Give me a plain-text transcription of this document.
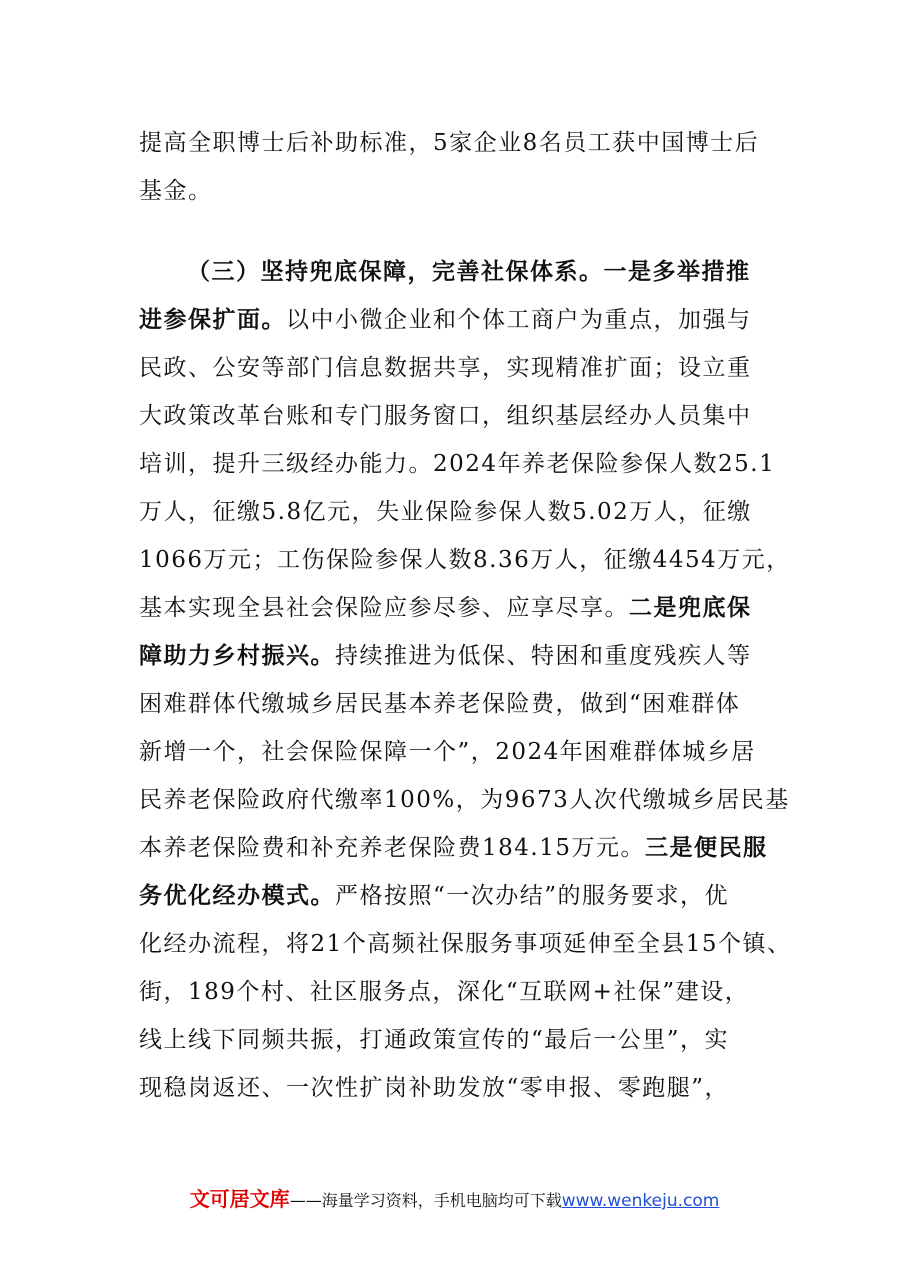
提高全职博士后补助标准，5家企业8名员工获中国博士后
基金。
（三）坚持兜底保障，完善社保体系。一是多举措推
进参保扩面。以中小微企业和个体工商户为重点，加强与
民政、公安等部门信息数据共享，实现精准扩面；设立重
大政策改革台账和专门服务窗口，组织基层经办人员集中
培训，提升三级经办能力。2024年养老保险参保人数25.1
万人，征缴5.8亿元，失业保险参保人数5.02万人，征缴
1066万元；工伤保险参保人数8.36万人，征缴4454万元，
基本实现全县社会保险应参尽参、应享尽享。二是兜底保
障助力乡村振兴。持续推进为低保、特困和重度残疾人等
困难群体代缴城乡居民基本养老保险费，做到“困难群体
新增一个，社会保险保障一个”，2024年困难群体城乡居
民养老保险政府代缴率100%，为9673人次代缴城乡居民基
本养老保险费和补充养老保险费184.15万元。三是便民服
务优化经办模式。严格按照“一次办结”的服务要求，优
化经办流程，将21个高频社保服务事项延伸至全县15个镇、
街，189个村、社区服务点，深化“互联网+社保”建设，
线上线下同频共振，打通政策宣传的“最后一公里”，实
现稳岗返还、一次性扩岗补助发放“零申报、零跑腿”，
文可居文库——海量学习资料，手机电脑均可下载www.wenkeju.com
